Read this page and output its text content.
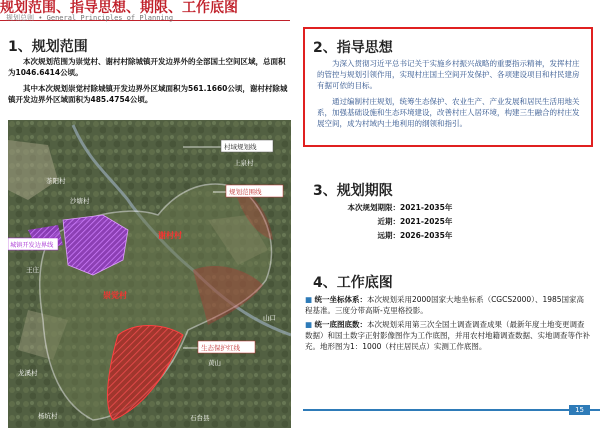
规划范围、指导思想、期限、工作底图
规划总则 • General Principles of Planning
1、规划范围
本次规划范围为崇觉村、谢村村除城镇开发边界外的全部国土空间区域，总面积为1046.6414公顷。
其中本次规划崇觉村除城镇开发边界外区域面积为561.1660公顷，谢村村除城镇开发边界外区域面积为485.4754公顷。
茶阳村
沙塘村
上泉村
王庄
龙溪村
黄山
杨坑村	石台县
山口
谢村村
崇觉村
村域规划线
规划范围线
城镇开发边界线
生态保护红线
2、指导思想
为深入贯彻习近平总书记关于实施乡村振兴战略的重要指示精神，发挥村庄的管控与规划引领作用，实现村庄国土空间开发保护、各项建设项目和村民建房有据可依的目标。
通过编制村庄规划，统筹生态保护、农业生产、产业发展和居民生活用地关系，加强基础设施和生态环境建设，改善村庄人居环境，构建三生融合的村庄发展空间，成为村域内土地利用的纲领和指引。
3、规划期限
本次规划期限：2021-2035年
近期：2021-2025年
远期：2026-2035年
4、工作底图
■ 统一坐标体系：本次规划采用2000国家大地坐标系（CGCS2000）、1985国家高程基准。三度分带高斯-克里格投影。
■ 统一底图底数：本次规划采用第三次全国土调查调查成果（最新年度土地变更调查数据）和国土数字正射影像图作为工作底图，并用农村地籍调查数据、实地调查等作补充。地形图为1：1000（村庄居民点）实测工作底图。
15
